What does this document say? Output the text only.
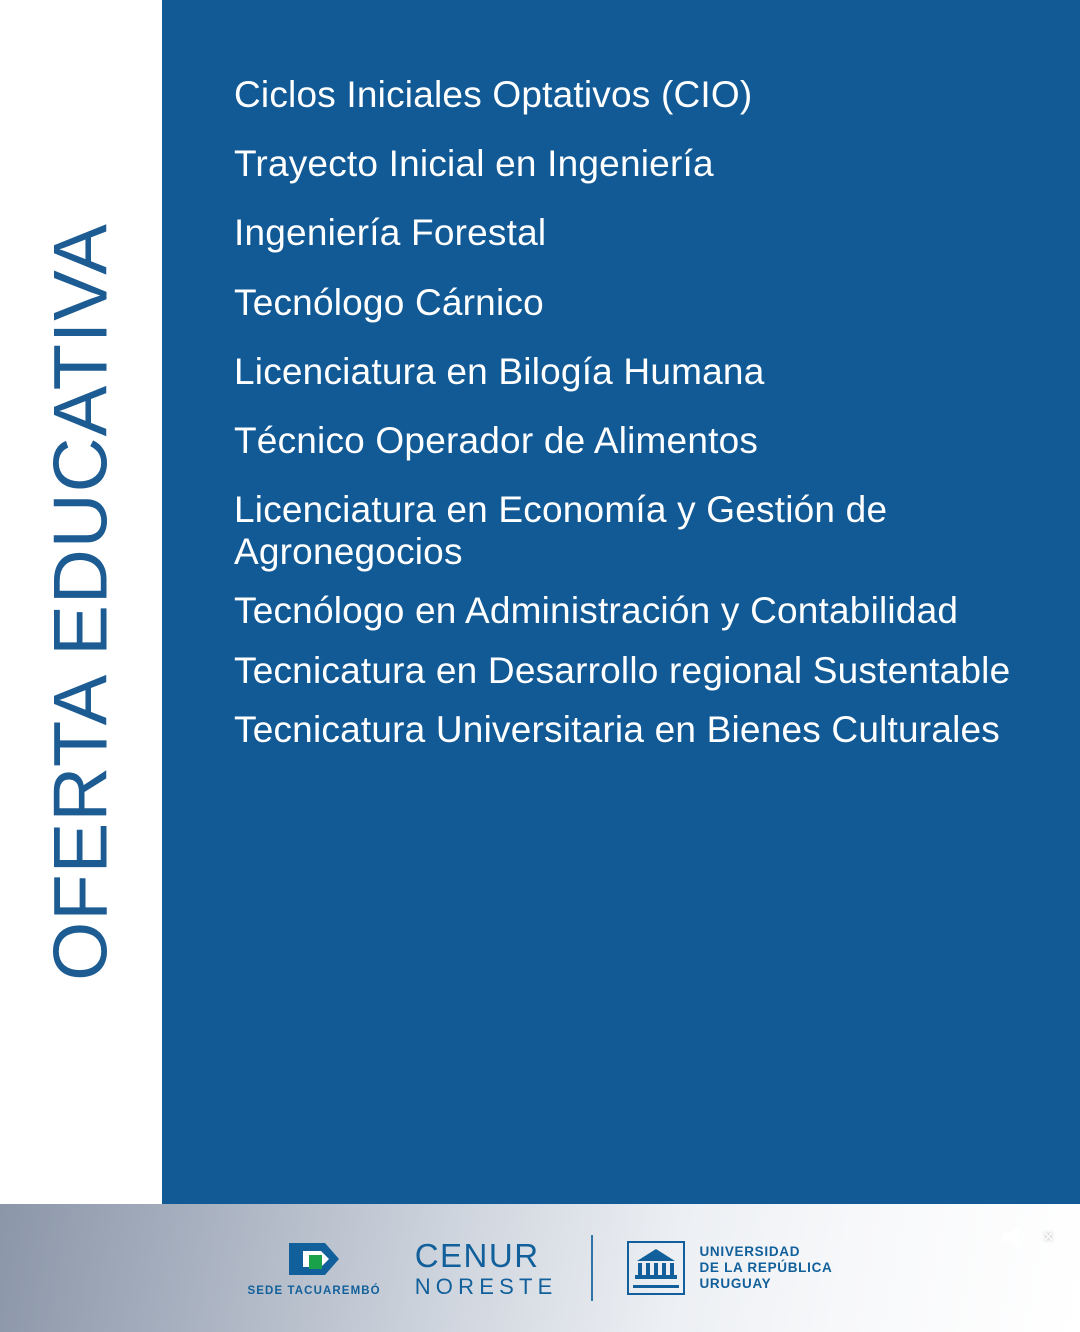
OFERTA EDUCATIVA
Ciclos Iniciales Optativos (CIO)
Trayecto Inicial en Ingeniería
Ingeniería Forestal
Tecnólogo Cárnico
Licenciatura en Bilogía Humana
Técnico Operador de Alimentos
Licenciatura en Economía y Gestión de Agronegocios
Tecnólogo en Administración y Contabilidad
Tecnicatura en Desarrollo regional Sustentable
Tecnicatura Universitaria en Bienes Culturales
SEDE TACUAREMBÓ
CENUR
NORESTE
UNIVERSIDAD
DE LA REPÚBLICA
URUGUAY
×
